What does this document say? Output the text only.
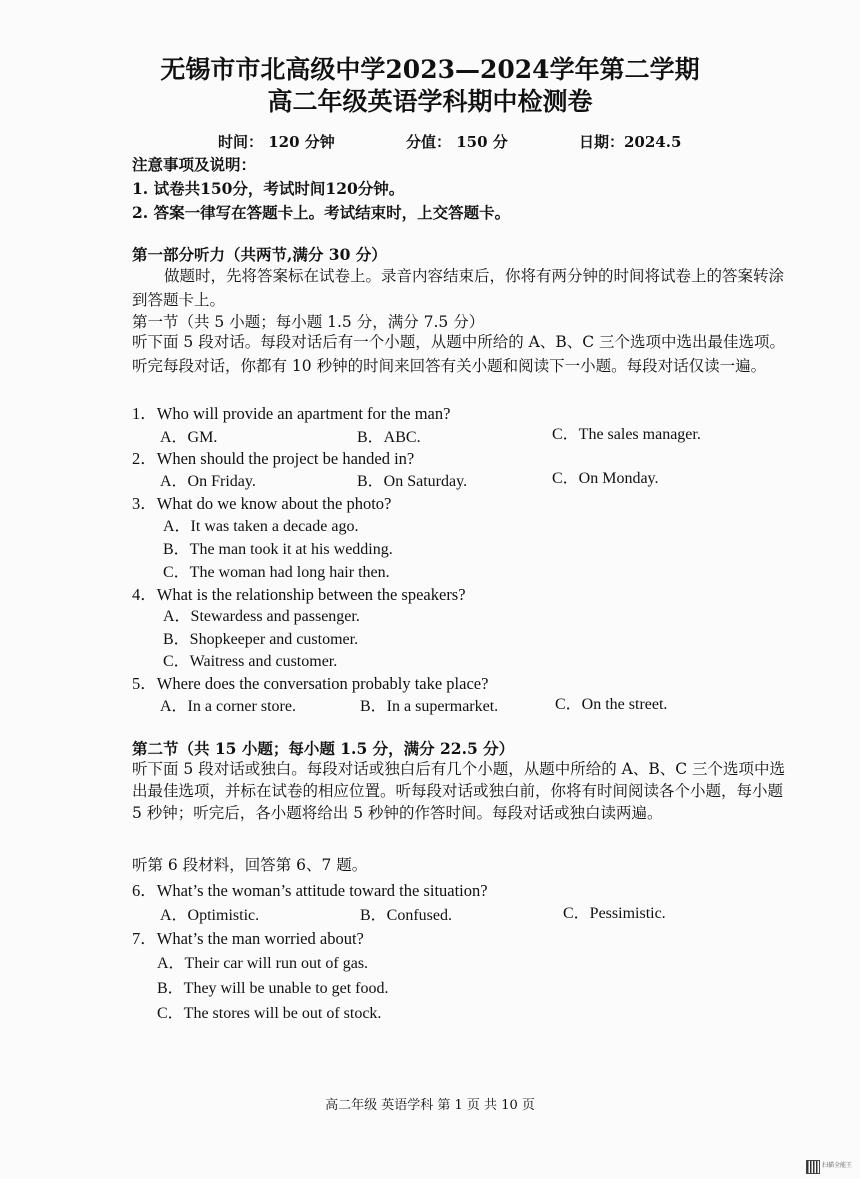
无锡市市北高级中学2023—2024学年第二学期
高二年级英语学科期中检测卷
时间： 120 分钟	分值： 150 分	日期：2024.5

注意事项及说明：

1. 试卷共150分，考试时间120分钟。

2. 答案一律写在答题卡上。考试结束时，上交答题卡。

第一部分听力（共两节,满分 30 分）
做题时，先将答案标在试卷上。录音内容结束后，你将有两分钟的时间将试卷上的答案转涂到答题卡上。
第一节（共 5 小题；每小题 1.5 分，满分 7.5 分）
听下面 5 段对话。每段对话后有一个小题，从题中所给的 A、B、C 三个选项中选出最佳选项。听完每段对话，你都有 10 秒钟的时间来回答有关小题和阅读下一小题。每段对话仅读一遍。
1．Who will provide an apartment for the man?
A．GM.	B．ABC.	C．The sales manager.
2．When should the project be handed in?
A．On Friday.	B．On Saturday.	C．On Monday.
3．What do we know about the photo?
A．It was taken a decade ago.
B．The man took it at his wedding.
C．The woman had long hair then.
4．What is the relationship between the speakers?
A．Stewardess and passenger.
B．Shopkeeper and customer.
C．Waitress and customer.
5．Where does the conversation probably take place?
A．In a corner store.	B．In a supermarket.	C．On the street.
第二节（共 15 小题；每小题 1.5 分，满分 22.5 分）
听下面 5 段对话或独白。每段对话或独白后有几个小题，从题中所给的 A、B、C 三个选项中选出最佳选项，并标在试卷的相应位置。听每段对话或独白前，你将有时间阅读各个小题，每小题 5 秒钟；听完后，各小题将给出 5 秒钟的作答时间。每段对话或独白读两遍。
听第 6 段材料，回答第 6、7 题。
6．What’s the woman’s attitude toward the situation?
A．Optimistic.	B．Confused.	C．Pessimistic.
7．What’s the man worried about?
A．Their car will run out of gas.
B．They will be unable to get food.
C．The stores will be out of stock.
高二年级 英语学科 第 1 页 共 10 页
扫描全能王
